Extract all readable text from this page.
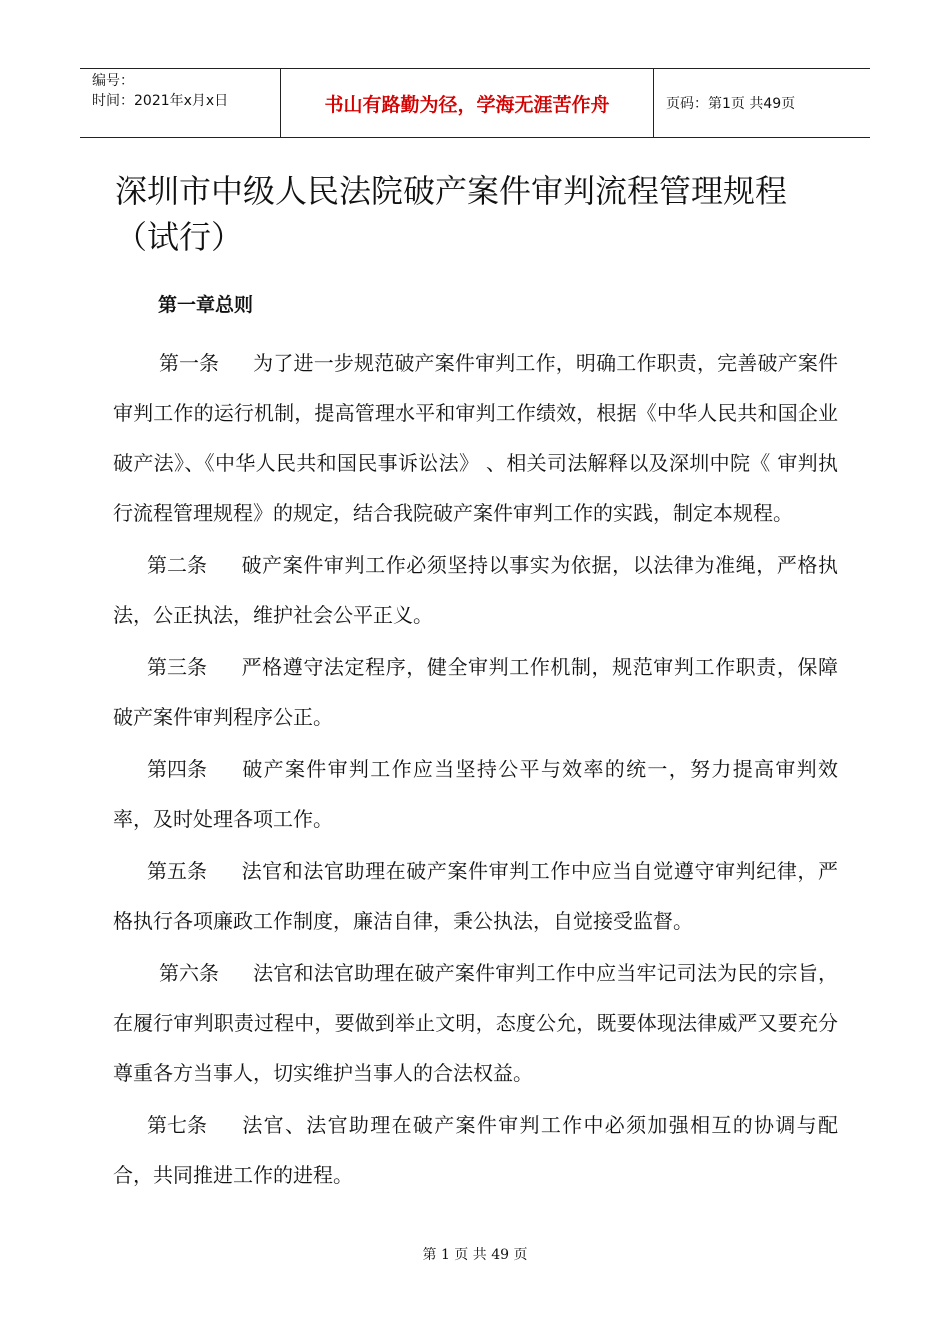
编号：
时间：2021年x月x日	书山有路勤为径，学海无涯苦作舟	页码：第1页 共49页
深圳市中级人民法院破产案件审判流程管理规程（试行）
第一章总则

第一条 为了进一步规范破产案件审判工作，明确工作职责，完善破产案件审判工作的运行机制，提高管理水平和审判工作绩效，根据《中华人民共和国企业破产法》、《中华人民共和国民事诉讼法》 、相关司法解释以及深圳中院《 审判执行流程管理规程》的规定，结合我院破产案件审判工作的实践，制定本规程。

第二条 破产案件审判工作必须坚持以事实为依据，以法律为准绳，严格执法，公正执法，维护社会公平正义。

第三条 严格遵守法定程序，健全审判工作机制，规范审判工作职责，保障破产案件审判程序公正。

第四条 破产案件审判工作应当坚持公平与效率的统一，努力提高审判效率，及时处理各项工作。

第五条 法官和法官助理在破产案件审判工作中应当自觉遵守审判纪律，严格执行各项廉政工作制度，廉洁自律，秉公执法，自觉接受监督。

第六条 法官和法官助理在破产案件审判工作中应当牢记司法为民的宗旨，在履行审判职责过程中，要做到举止文明，态度公允，既要体现法律威严又要充分尊重各方当事人，切实维护当事人的合法权益。

第七条 法官、法官助理在破产案件审判工作中必须加强相互的协调与配合，共同推进工作的进程。

第 1 页 共 49 页
